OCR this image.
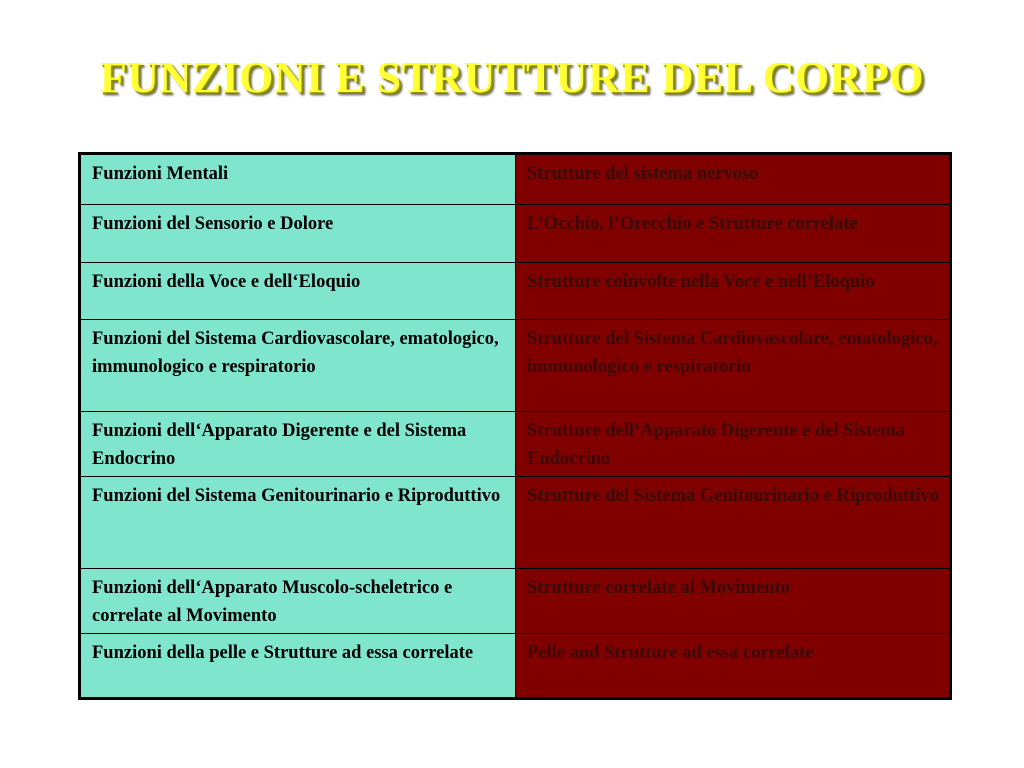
FUNZIONI E STRUTTURE DEL CORPO
Funzioni Mentali	Strutture del sistema nervoso
Funzioni del Sensorio e Dolore	L’Occhio, l’Orecchio e Strutture correlate
Funzioni della Voce e dell‘Eloquio	Strutture coinvolte nella Voce e nell’Eloquio
Funzioni del Sistema Cardiovascolare, ematologico, immunologico e respiratorio	Strutture del Sistema Cardiovascolare, ematologico, immunologico e respiratorio
Funzioni dell‘Apparato Digerente e del Sistema Endocrino	Strutture dell‘Apparato Digerente e del Sistema Endocrino
Funzioni del Sistema Genitourinario e Riproduttivo	Strutture del Sistema Genitourinario e Riproduttivo
Funzioni dell‘Apparato Muscolo-scheletrico e correlate al Movimento	Strutture correlate al Movimento
Funzioni della pelle e Strutture ad essa correlate	Pelle and Strutture ad essa correlate
